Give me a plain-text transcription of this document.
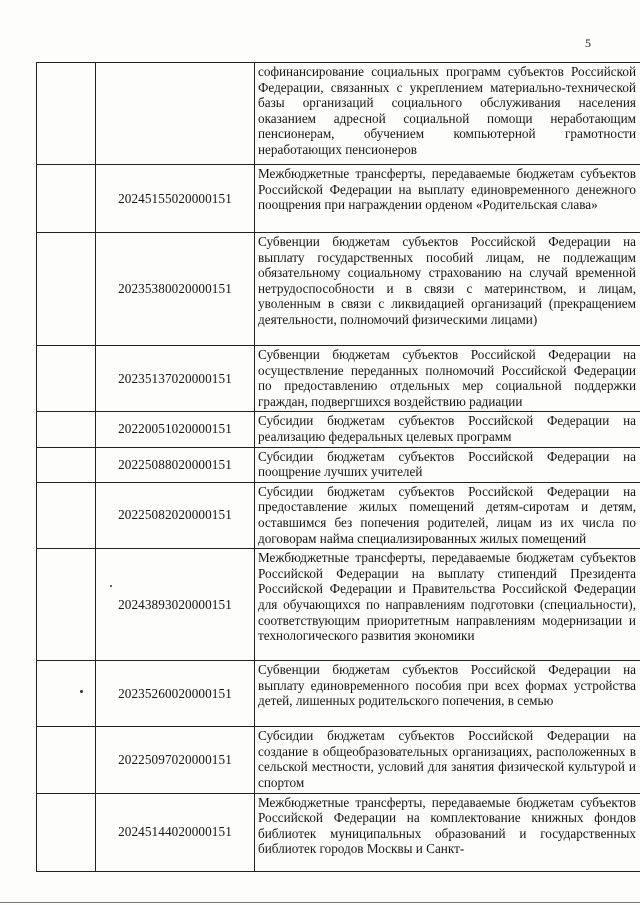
5
		софинансирование социальных программ субъектов Российской Федерации, связанных с укреплением материально-технической базы организаций социального обслуживания населения оказанием адресной социальной помощи неработающим пенсионерам, обучением компьютерной грамотности неработающих пенсионеров
	20245155020000151	Межбюджетные трансферты, передаваемые бюджетам субъектов Российской Федерации на выплату единовременного денежного поощрения при награждении орденом «Родительская слава»
	20235380020000151	Субвенции бюджетам субъектов Российской Федерации на выплату государственных пособий лицам, не подлежащим обязательному социальному страхованию на случай временной нетрудоспособности и в связи с материнством, и лицам, уволенным в связи с ликвидацией организаций (прекращением деятельности, полномочий физическими лицами)
	20235137020000151	Субвенции бюджетам субъектов Российской Федерации на осуществление переданных полномочий Российской Федерации по предоставлению отдельных мер социальной поддержки граждан, подвергшихся воздействию радиации
	20220051020000151	Субсидии бюджетам субъектов Российской Федерации на реализацию федеральных целевых программ
	20225088020000151	Субсидии бюджетам субъектов Российской Федерации на поощрение лучших учителей
	20225082020000151	Субсидии бюджетам субъектов Российской Федерации на предоставление жилых помещений детям-сиротам и детям, оставшимся без попечения родителей, лицам из их числа по договорам найма специализированных жилых помещений
	20243893020000151	Межбюджетные трансферты, передаваемые бюджетам субъектов Российской Федерации на выплату стипендий Президента Российской Федерации и Правительства Российской Федерации для обучающихся по направлениям подготовки (специальности), соответствующим приоритетным направлениям модернизации и технологического развития экономики
	20235260020000151	Субвенции бюджетам субъектов Российской Федерации на выплату единовременного пособия при всех формах устройства детей, лишенных родительского попечения, в семью
	20225097020000151	Субсидии бюджетам субъектов Российской Федерации на создание в общеобразовательных организациях, расположенных в сельской местности, условий для занятия физической культурой и спортом
	20245144020000151	Межбюджетные трансферты, передаваемые бюджетам субъектов Российской Федерации на комплектование книжных фондов библиотек муниципальных образований и государственных библиотек городов Москвы и Санкт-
